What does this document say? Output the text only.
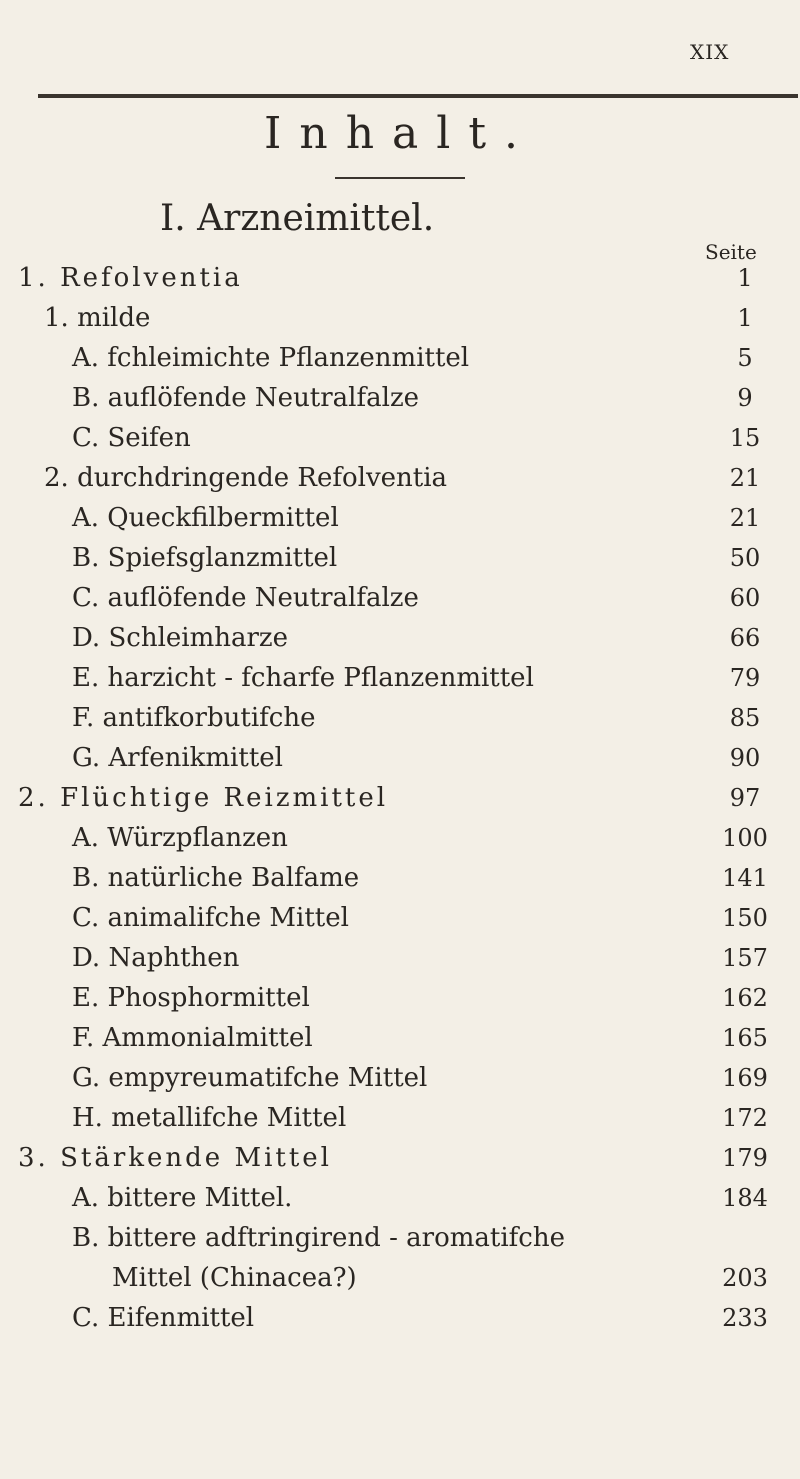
XIX
Inhalt.
I. Arzneimittel.
Seite
1. Refolventia	1
1. milde	1
A. fchleimichte Pflanzenmittel	5
B. auflöfende Neutralfalze	9
C. Seifen	15
2. durchdringende Refolventia	21
A. Queckfilbermittel	21
B. Spiefsglanzmittel	50
C. auflöfende Neutralfalze	60
D. Schleimharze	66
E. harzicht - fcharfe Pflanzenmittel	79
F. antifkorbutifche	85
G. Arfenikmittel	90
2. Flüchtige Reizmittel	97
A. Würzpflanzen	100
B. natürliche Balfame	141
C. animalifche Mittel	150
D. Naphthen	157
E. Phosphormittel	162
F. Ammonialmittel	165
G. empyreumatifche Mittel	169
H. metallifche Mittel	172
3. Stärkende Mittel	179
A. bittere Mittel.	184
B. bittere adftringirend - aromatifche
Mittel (Chinacea?)	203
C. Eifenmittel	233
